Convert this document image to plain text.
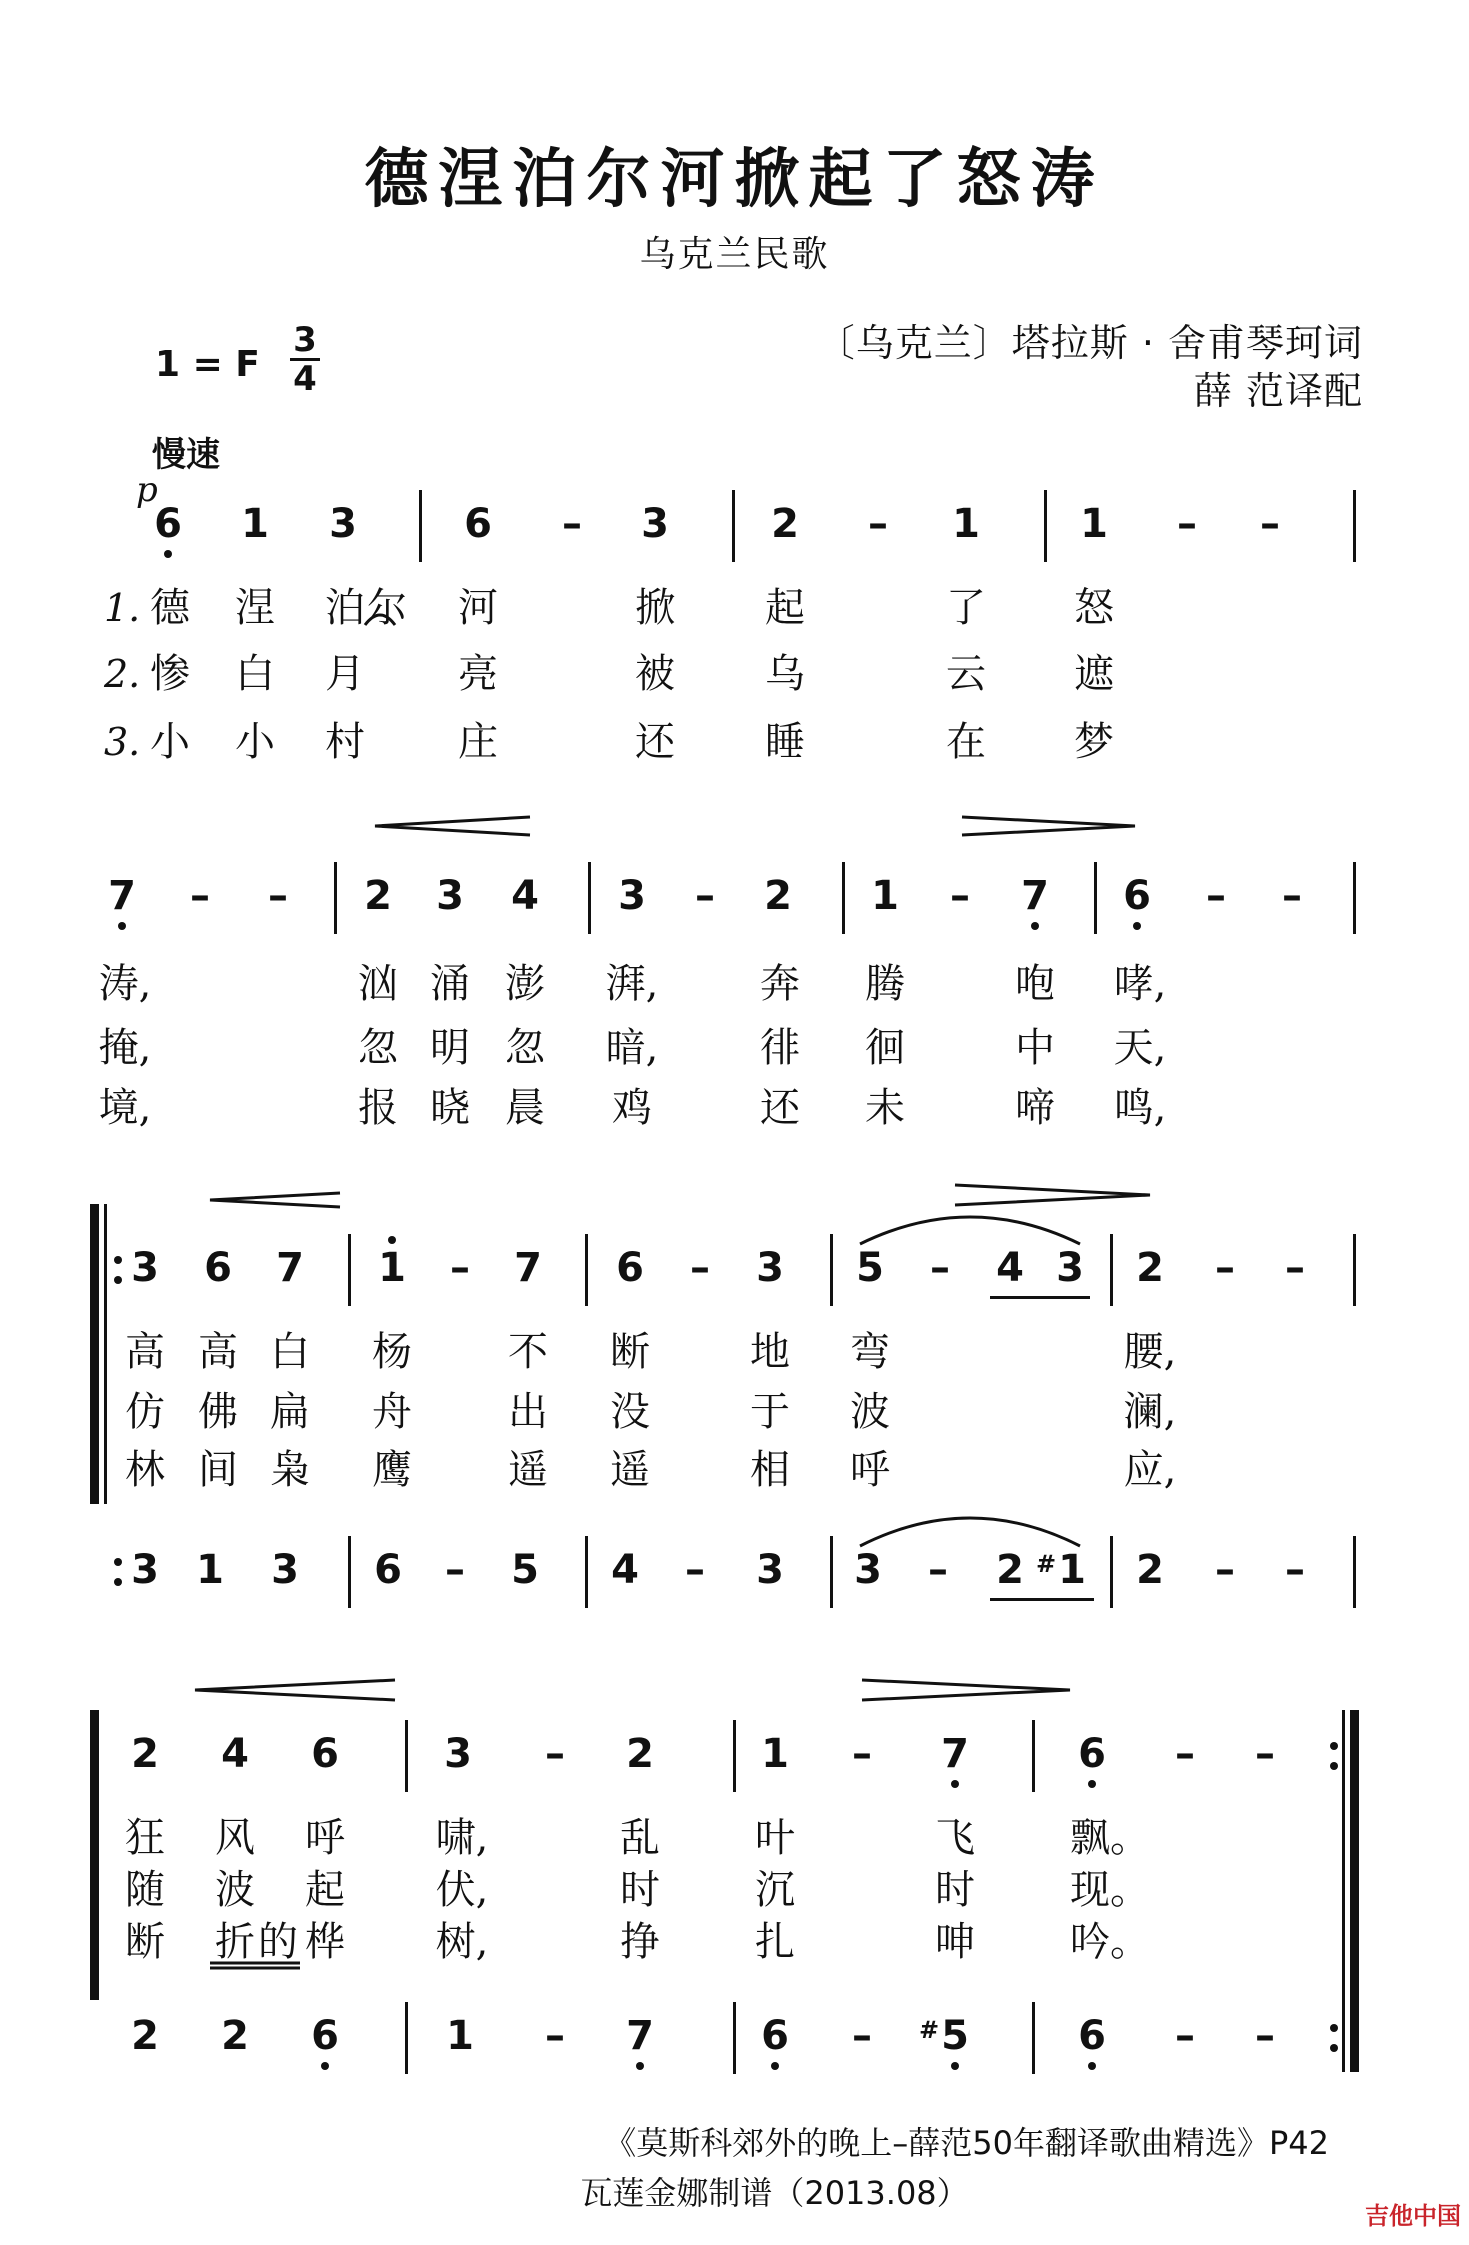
德涅泊尔河掀起了怒涛
乌克兰民歌
〔乌克兰〕塔拉斯 · 舍甫琴珂词
薛 范译配
1 = F
3
4
慢速
p
6	1	3	6	–	3	2	–	1	1	–	–
1.
2.
3.
德 涅 泊 尔 河	掀 起	了 怒
惨 白 月 亮	被 乌	云 遮
小 小 村 庄	还 睡	在 梦
7	–	–	2	3	4	3	–	2	1	–	7	6	–	–
涛,	汹 涌 澎 湃,	奔 腾	咆 哮,
掩,	忽 明 忽 暗,	徘 徊	中 天,
境,	报 晓 晨 鸡	还 未	啼 鸣,
3	6	7	1	–	7	6	–	3	5	–	4 3	2	–	–
高 高 白 杨 不 断	地 弯	腰,
仿 佛 扁 舟 出 没	于 波	澜,
林 间 枭 鹰 遥 遥	相 呼	应,
3 1	3	6	–	5	4	–	3	3	–	2 # 1	2	–	–
2	4	6	3	–	2	1	–	7	6	–	–
狂 风 呼 啸,	乱 叶	飞 飘。
随 波 起 伏,	时 沉	时 现。
断 折 的 桦 树,	挣 扎	呻 吟。
2	2	6	1	–	7	6	–	# 5	6	–	–
《莫斯科郊外的晚上–薛范50年翻译歌曲精选》P42
瓦莲金娜制谱（2013.08）
吉他中国
